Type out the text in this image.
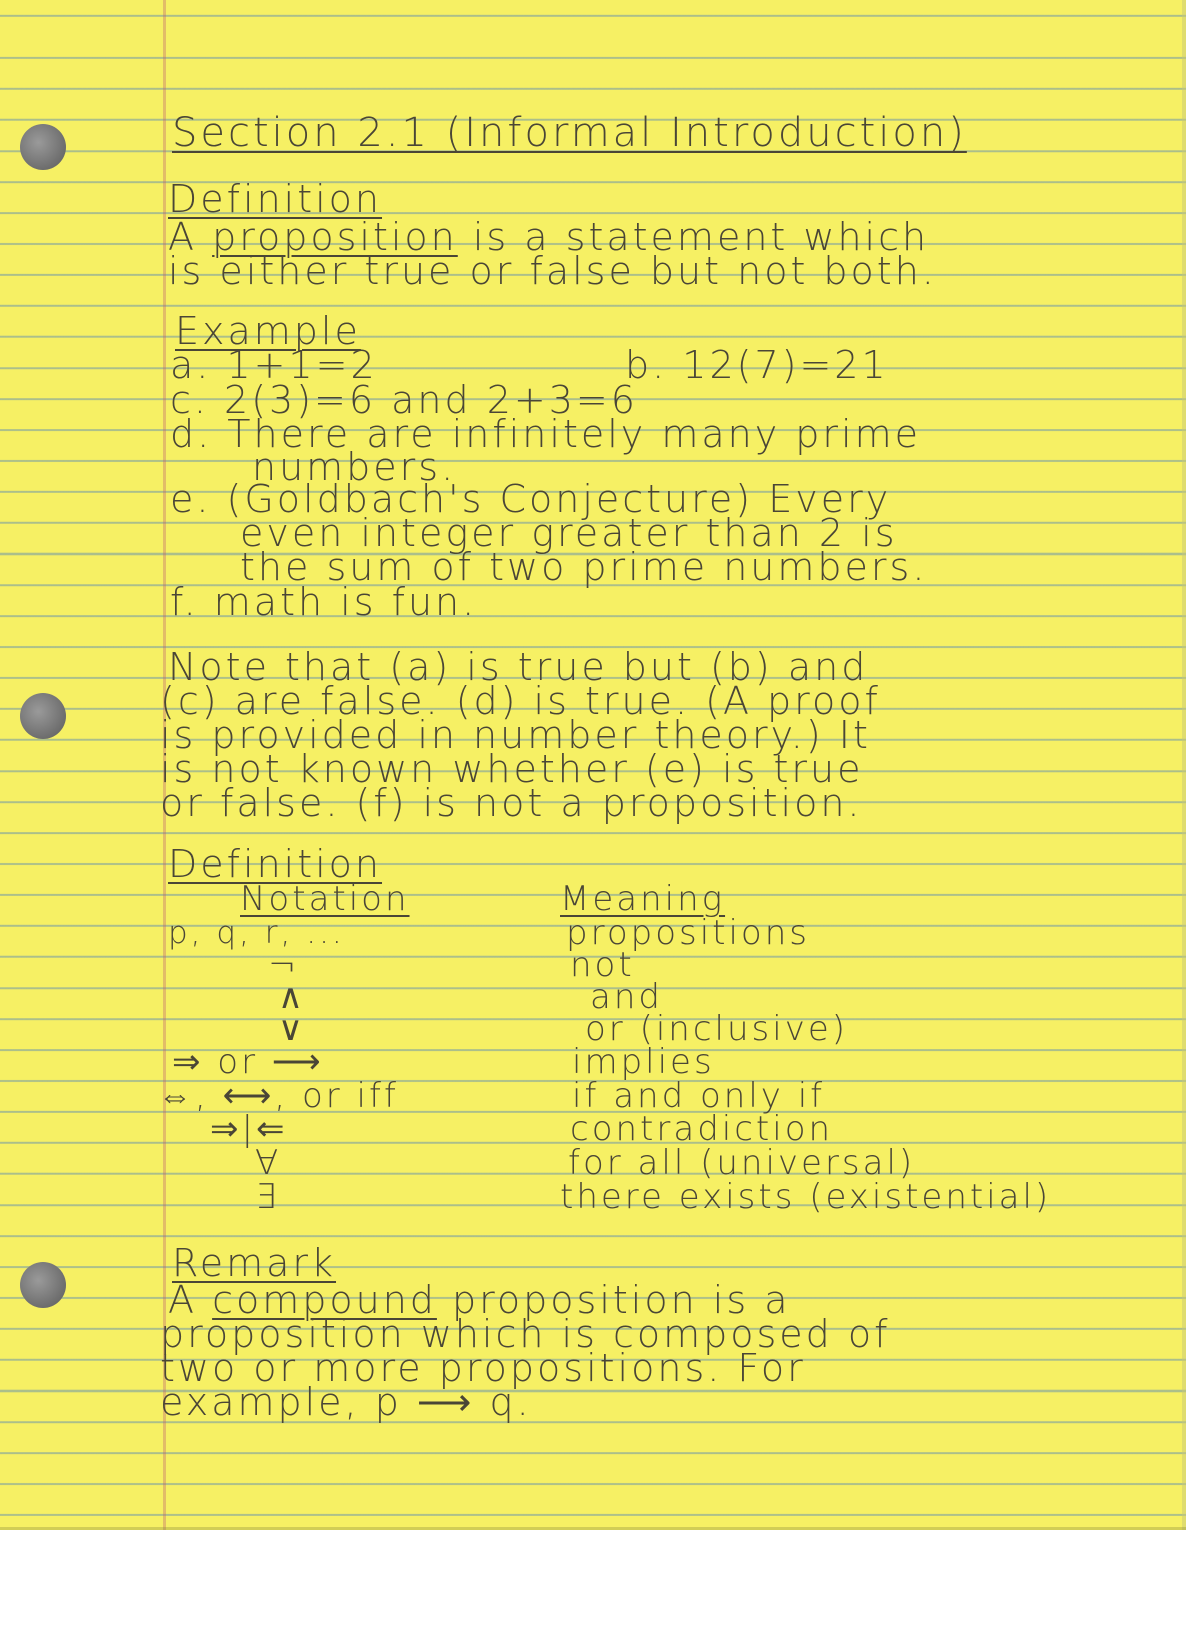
Section 2.1 (Informal Introduction)

Definition

A proposition is a statement which

is either true or false but not both.

Example

a. 1+1=2	b. 12(7)=21

c. 2(3)=6 and 2+3=6

d. There are infinitely many prime

numbers.

e. (Goldbach's Conjecture) Every

even integer greater than 2 is

the sum of two prime numbers.

f. math is fun.

Note that (a) is true but (b) and

(c) are false. (d) is true. (A proof

is provided in number theory.) It

is not known whether (e) is true

or false. (f) is not a proposition.

Definition

Notation	Meaning

p, q, r, ...	propositions

¬	not

∧	and

∨	or (inclusive)

⇒ or ⟶	implies

⇔, ⟷, or iff	if and only if

⇒|⇐	contradiction

∀	for all (universal)

∃	there exists (existential)

Remark

A compound proposition is a

proposition which is composed of

two or more propositions. For

example, p ⟶ q.
